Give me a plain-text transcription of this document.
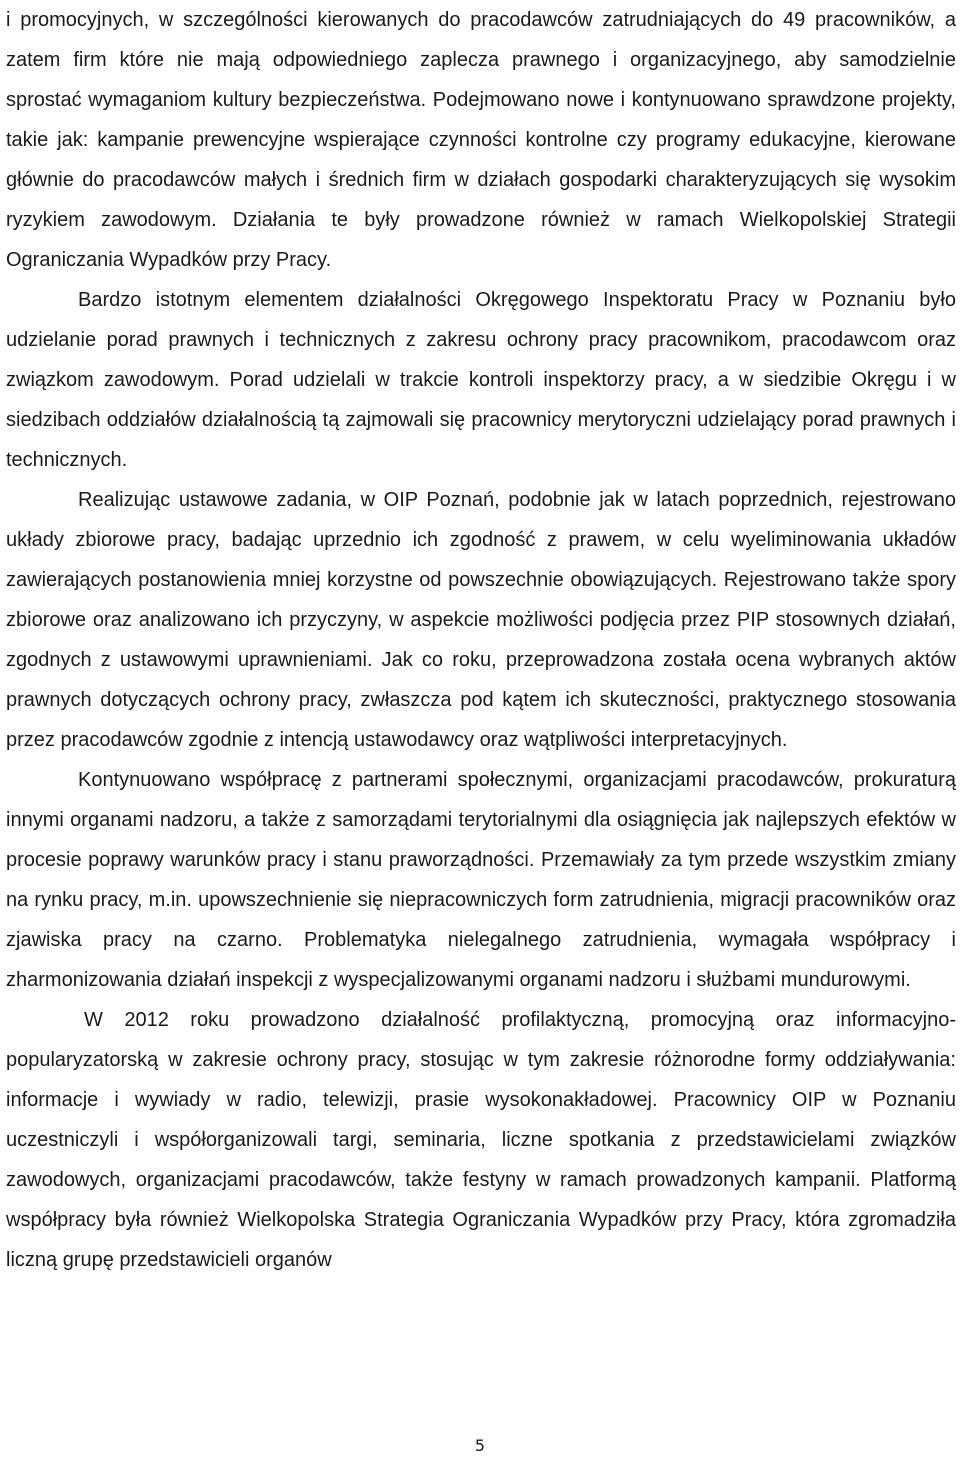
i promocyjnych, w szczególności kierowanych do pracodawców zatrudniających do 49 pracowników, a zatem firm które nie mają odpowiedniego zaplecza prawnego i organizacyjnego, aby samodzielnie sprostać wymaganiom kultury bezpieczeństwa. Podejmowano nowe i kontynuowano sprawdzone projekty, takie jak: kampanie prewencyjne wspierające czynności kontrolne czy programy edukacyjne, kierowane głównie do pracodawców małych i średnich firm w działach gospodarki charakteryzujących się wysokim ryzykiem zawodowym. Działania te były prowadzone również w ramach Wielkopolskiej Strategii Ograniczania Wypadków przy Pracy.

Bardzo istotnym elementem działalności Okręgowego Inspektoratu Pracy w Poznaniu było udzielanie porad prawnych i technicznych z zakresu ochrony pracy pracownikom, pracodawcom oraz związkom zawodowym. Porad udzielali w trakcie kontroli inspektorzy pracy, a w siedzibie Okręgu i w siedzibach oddziałów działalnością tą zajmowali się pracownicy merytoryczni udzielający porad prawnych i technicznych.

Realizując ustawowe zadania, w OIP Poznań, podobnie jak w latach poprzednich, rejestrowano układy zbiorowe pracy, badając uprzednio ich zgodność z prawem, w celu wyeliminowania układów zawierających postanowienia mniej korzystne od powszechnie obowiązujących. Rejestrowano także spory zbiorowe oraz analizowano ich przyczyny, w aspekcie możliwości podjęcia przez PIP stosownych działań, zgodnych z ustawowymi uprawnieniami. Jak co roku, przeprowadzona została ocena wybranych aktów prawnych dotyczących ochrony pracy, zwłaszcza pod kątem ich skuteczności, praktycznego stosowania przez pracodawców zgodnie z intencją ustawodawcy oraz wątpliwości interpretacyjnych.

Kontynuowano współpracę z partnerami społecznymi, organizacjami pracodawców, prokuraturą innymi organami nadzoru, a także z samorządami terytorialnymi dla osiągnięcia jak najlepszych efektów w procesie poprawy warunków pracy i stanu praworządności. Przemawiały za tym przede wszystkim zmiany na rynku pracy, m.in. upowszechnienie się niepracowniczych form zatrudnienia, migracji pracowników oraz zjawiska pracy na czarno. Problematyka nielegalnego zatrudnienia, wymagała współpracy i zharmonizowania działań inspekcji z wyspecjalizowanymi organami nadzoru i służbami mundurowymi.

W 2012 roku prowadzono działalność profilaktyczną, promocyjną oraz informacyjno-popularyzatorską w zakresie ochrony pracy, stosując w tym zakresie różnorodne formy oddziaływania: informacje i wywiady w radio, telewizji, prasie wysokonakładowej. Pracownicy OIP w Poznaniu uczestniczyli i współorganizowali targi, seminaria, liczne spotkania z przedstawicielami związków zawodowych, organizacjami pracodawców, także festyny w ramach prowadzonych kampanii. Platformą współpracy była również Wielkopolska Strategia Ograniczania Wypadków przy Pracy, która zgromadziła liczną grupę przedstawicieli organów

5
